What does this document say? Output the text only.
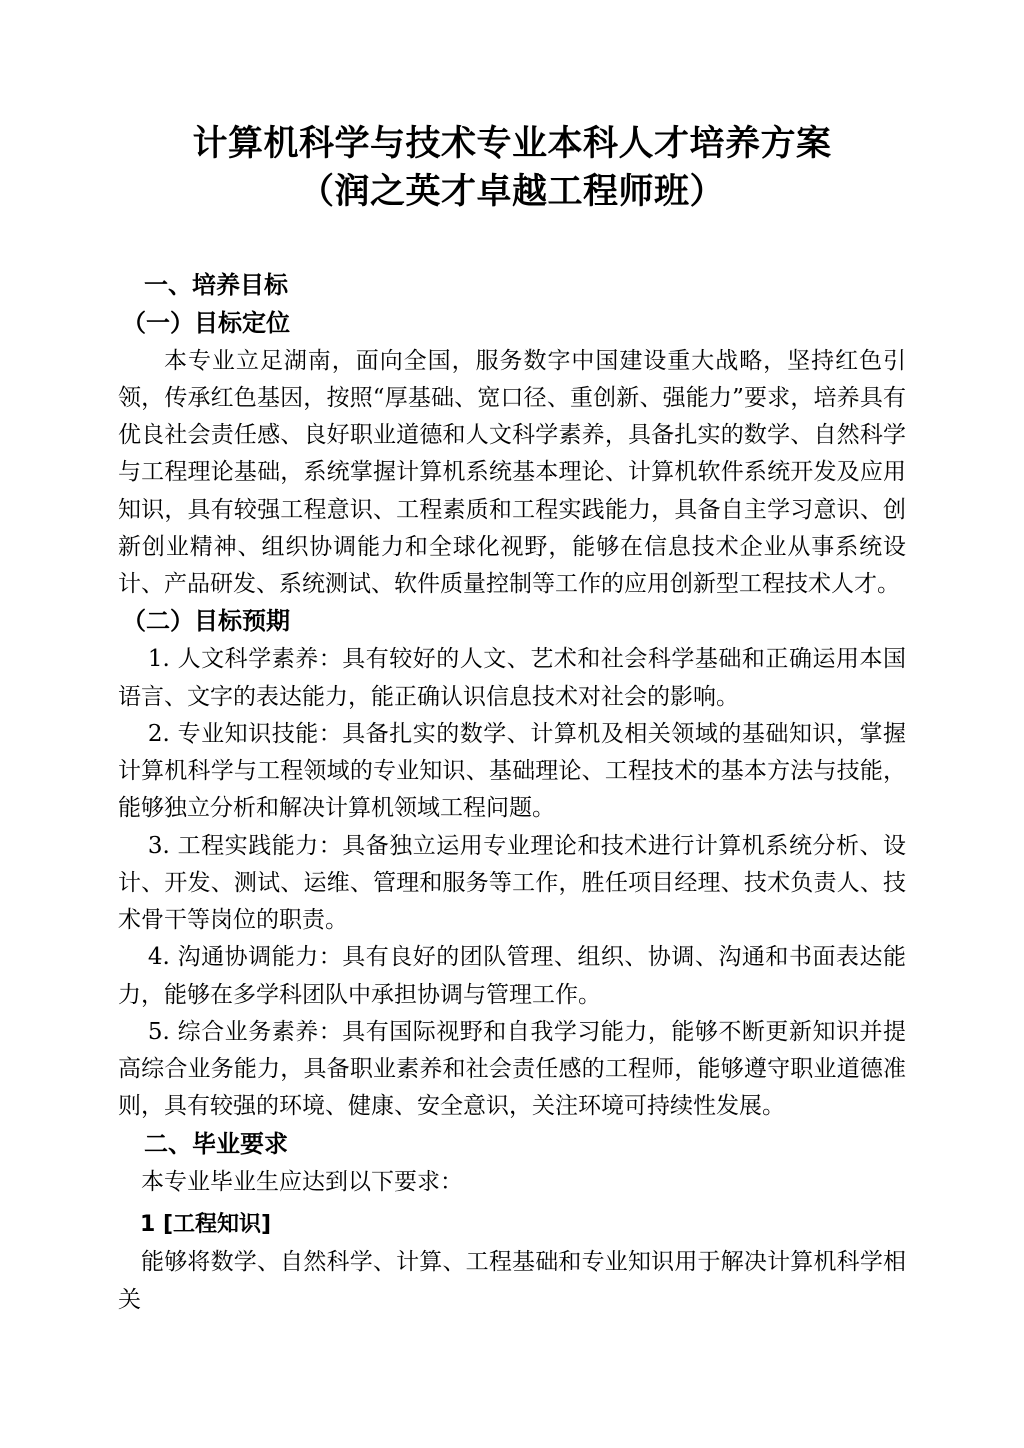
计算机科学与技术专业本科人才培养方案
（润之英才卓越工程师班）
一、培养目标
（一）目标定位

本专业立足湖南，面向全国，服务数字中国建设重大战略，坚持红色引领，传承红色基因，按照“厚基础、宽口径、重创新、强能力”要求，培养具有优良社会责任感、良好职业道德和人文科学素养，具备扎实的数学、自然科学与工程理论基础，系统掌握计算机系统基本理论、计算机软件系统开发及应用知识，具有较强工程意识、工程素质和工程实践能力，具备自主学习意识、创新创业精神、组织协调能力和全球化视野，能够在信息技术企业从事系统设计、产品研发、系统测试、软件质量控制等工作的应用创新型工程技术人才。

（二）目标预期

1. 人文科学素养：具有较好的人文、艺术和社会科学基础和正确运用本国语言、文字的表达能力，能正确认识信息技术对社会的影响。

2. 专业知识技能：具备扎实的数学、计算机及相关领域的基础知识，掌握计算机科学与工程领域的专业知识、基础理论、工程技术的基本方法与技能，能够独立分析和解决计算机领域工程问题。

3. 工程实践能力：具备独立运用专业理论和技术进行计算机系统分析、设计、开发、测试、运维、管理和服务等工作，胜任项目经理、技术负责人、技术骨干等岗位的职责。

4. 沟通协调能力：具有良好的团队管理、组织、协调、沟通和书面表达能力，能够在多学科团队中承担协调与管理工作。

5. 综合业务素养：具有国际视野和自我学习能力，能够不断更新知识并提高综合业务能力，具备职业素养和社会责任感的工程师，能够遵守职业道德准则，具有较强的环境、健康、安全意识，关注环境可持续性发展。

二、毕业要求

本专业毕业生应达到以下要求：

1 [工程知识]

能够将数学、自然科学、计算、工程基础和专业知识用于解决计算机科学相关
